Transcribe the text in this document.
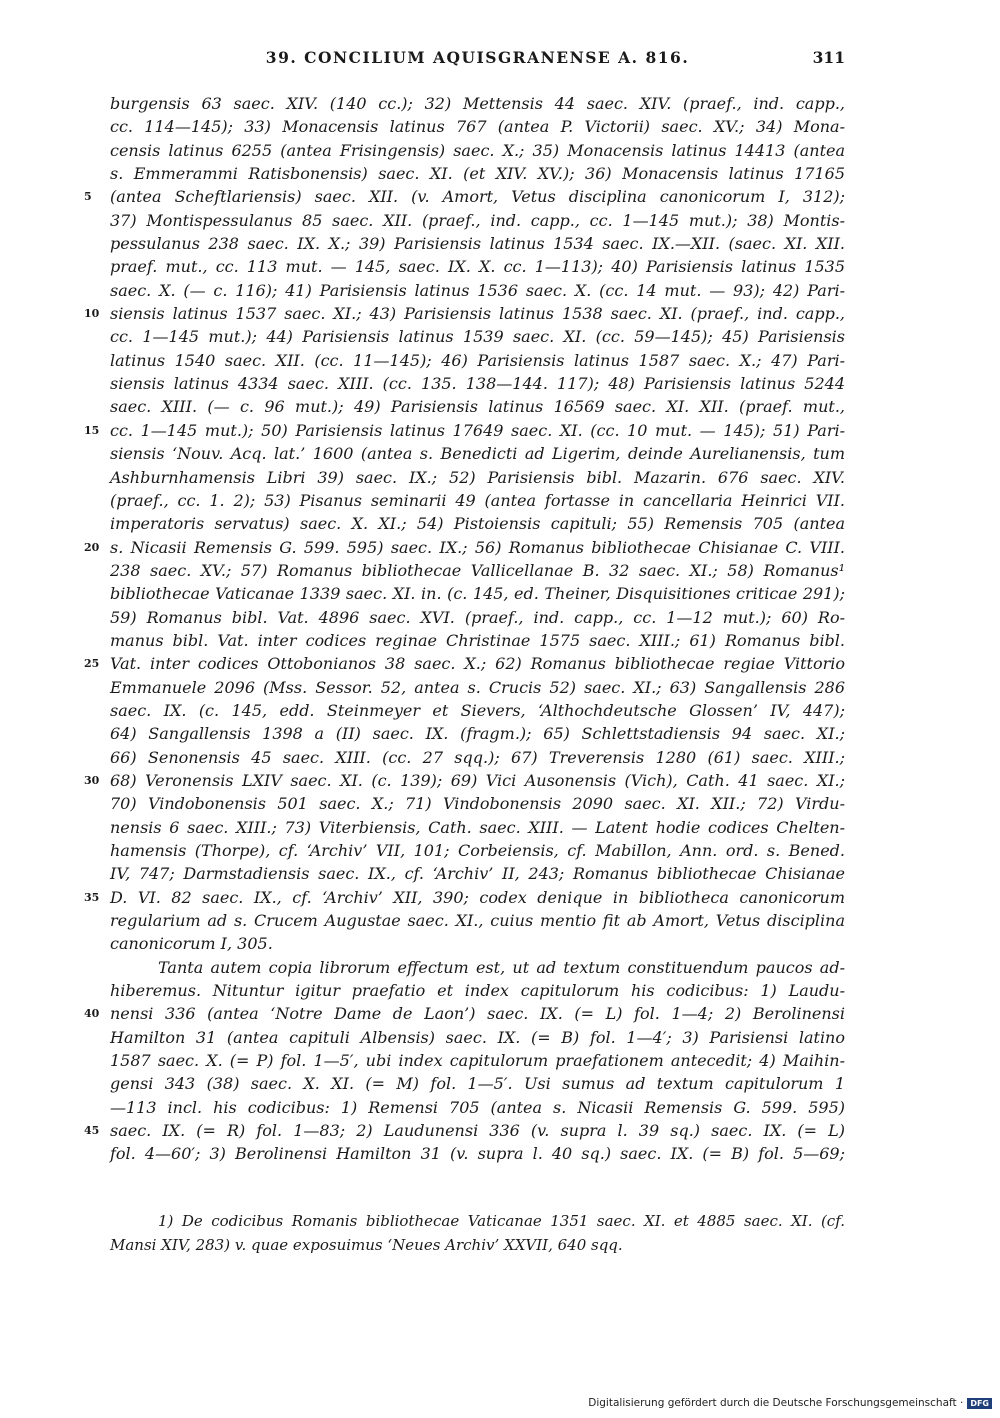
39. CONCILIUM AQUISGRANENSE A. 816.	311
burgensis 63 saec. XIV. (140 cc.); 32) Mettensis 44 saec. XIV. (praef., ind. capp.,
cc. 114—145); 33) Monacensis latinus 767 (antea P. Victorii) saec. XV.; 34) Mona-
censis latinus 6255 (antea Frisingensis) saec. X.; 35) Monacensis latinus 14413 (antea
s. Emmerammi Ratisbonensis) saec. XI. (et XIV. XV.); 36) Monacensis latinus 17165
5	(antea Scheftlariensis) saec. XII. (v. Amort, Vetus disciplina canonicorum I, 312);
37) Montispessulanus 85 saec. XII. (praef., ind. capp., cc. 1—145 mut.); 38) Montis-
pessulanus 238 saec. IX. X.; 39) Parisiensis latinus 1534 saec. IX.—XII. (saec. XI. XII.
praef. mut., cc. 113 mut. — 145, saec. IX. X. cc. 1—113); 40) Parisiensis latinus 1535
saec. X. (— c. 116); 41) Parisiensis latinus 1536 saec. X. (cc. 14 mut. — 93); 42) Pari-
10 siensis latinus 1537 saec. XI.; 43) Parisiensis latinus 1538 saec. XI. (praef., ind. capp.,
cc. 1—145 mut.); 44) Parisiensis latinus 1539 saec. XI. (cc. 59—145); 45) Parisiensis
latinus 1540 saec. XII. (cc. 11—145); 46) Parisiensis latinus 1587 saec. X.; 47) Pari-
siensis latinus 4334 saec. XIII. (cc. 135. 138—144. 117); 48) Parisiensis latinus 5244
saec. XIII. (— c. 96 mut.); 49) Parisiensis latinus 16569 saec. XI. XII. (praef. mut.,
15 cc. 1—145 mut.); 50) Parisiensis latinus 17649 saec. XI. (cc. 10 mut. — 145); 51) Pari-
siensis ‘Nouv. Acq. lat.’ 1600 (antea s. Benedicti ad Ligerim, deinde Aurelianensis, tum
Ashburnhamensis Libri 39) saec. IX.; 52) Parisiensis bibl. Mazarin. 676 saec. XIV.
(praef., cc. 1. 2); 53) Pisanus seminarii 49 (antea fortasse in cancellaria Heinrici VII.
imperatoris servatus) saec. X. XI.; 54) Pistoiensis capituli; 55) Remensis 705 (antea
20 s. Nicasii Remensis G. 599. 595) saec. IX.; 56) Romanus bibliothecae Chisianae C. VIII.
238 saec. XV.; 57) Romanus bibliothecae Vallicellanae B. 32 saec. XI.; 58) Romanus¹
bibliothecae Vaticanae 1339 saec. XI. in. (c. 145, ed. Theiner, Disquisitiones criticae 291);
59) Romanus bibl. Vat. 4896 saec. XVI. (praef., ind. capp., cc. 1—12 mut.); 60) Ro-
manus bibl. Vat. inter codices reginae Christinae 1575 saec. XIII.; 61) Romanus bibl.
25 Vat. inter codices Ottobonianos 38 saec. X.; 62) Romanus bibliothecae regiae Vittorio
Emmanuele 2096 (Mss. Sessor. 52, antea s. Crucis 52) saec. XI.; 63) Sangallensis 286
saec. IX. (c. 145, edd. Steinmeyer et Sievers, ‘Althochdeutsche Glossen’ IV, 447);
64) Sangallensis 1398 a (II) saec. IX. (fragm.); 65) Schlettstadiensis 94 saec. XI.;
66) Senonensis 45 saec. XIII. (cc. 27 sqq.); 67) Treverensis 1280 (61) saec. XIII.;
30 68) Veronensis LXIV saec. XI. (c. 139); 69) Vici Ausonensis (Vich), Cath. 41 saec. XI.;
70) Vindobonensis 501 saec. X.; 71) Vindobonensis 2090 saec. XI. XII.; 72) Virdu-
nensis 6 saec. XIII.; 73) Viterbiensis, Cath. saec. XIII. — Latent hodie codices Chelten-
hamensis (Thorpe), cf. ‘Archiv’ VII, 101; Corbeiensis, cf. Mabillon, Ann. ord. s. Bened.
IV, 747; Darmstadiensis saec. IX., cf. ‘Archiv’ II, 243; Romanus bibliothecae Chisianae
35 D. VI. 82 saec. IX., cf. ‘Archiv’ XII, 390; codex denique in bibliotheca canonicorum
regularium ad s. Crucem Augustae saec. XI., cuius mentio fit ab Amort, Vetus disciplina
canonicorum I, 305.
Tanta autem copia librorum effectum est, ut ad textum constituendum paucos ad-
hiberemus. Nituntur igitur praefatio et index capitulorum his codicibus: 1) Laudu-
40 nensi 336 (antea ‘Notre Dame de Laon’) saec. IX. (= L) fol. 1—4; 2) Berolinensi
Hamilton 31 (antea capituli Albensis) saec. IX. (= B) fol. 1—4′; 3) Parisiensi latino
1587 saec. X. (= P) fol. 1—5′, ubi index capitulorum praefationem antecedit; 4) Maihin-
gensi 343 (38) saec. X. XI. (= M) fol. 1—5′. Usi sumus ad textum capitulorum 1
—113 incl. his codicibus: 1) Remensi 705 (antea s. Nicasii Remensis G. 599. 595)
45 saec. IX. (= R) fol. 1—83; 2) Laudunensi 336 (v. supra l. 39 sq.) saec. IX. (= L)
fol. 4—60′; 3) Berolinensi Hamilton 31 (v. supra l. 40 sq.) saec. IX. (= B) fol. 5—69;
1) De codicibus Romanis bibliothecae Vaticanae 1351 saec. XI. et 4885 saec. XI. (cf.
Mansi XIV, 283) v. quae exposuimus ‘Neues Archiv’ XXVII, 640 sqq.
Digitalisierung gefördert durch die Deutsche Forschungsgemeinschaft · DFG
